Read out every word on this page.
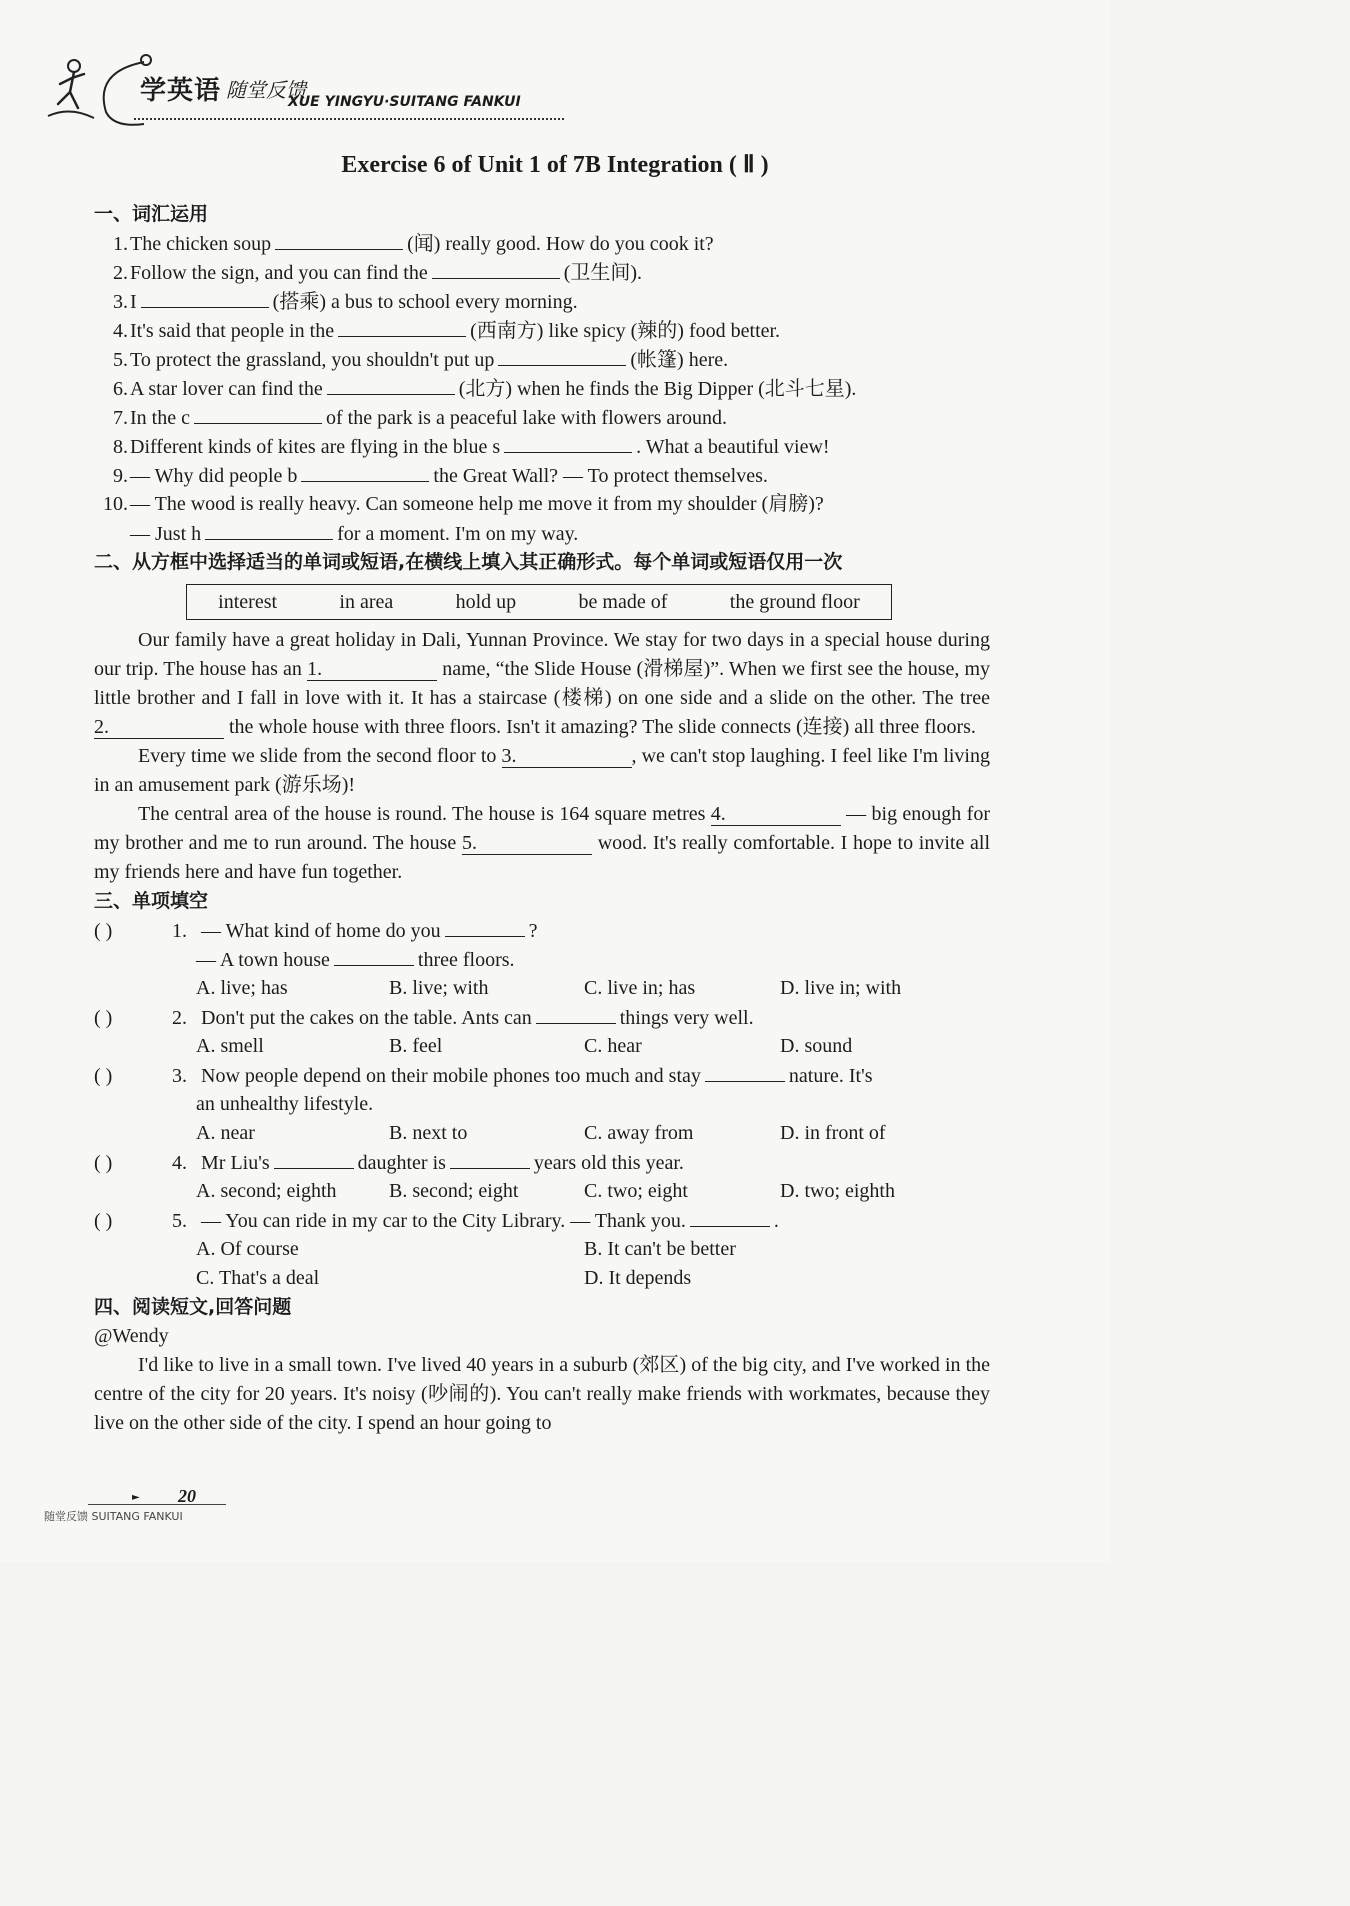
学英语 随堂反馈
XUE YINGYU·SUITANG FANKUI
Exercise 6 of Unit 1 of 7B Integration ( Ⅱ )
一、词汇运用
1. The chicken soup	(闻) really good. How do you cook it?
2. Follow the sign, and you can find the	(卫生间).
3. I	(搭乘) a bus to school every morning.
4. It's said that people in the	(西南方) like spicy (辣的) food better.
5. To protect the grassland, you shouldn't put up	(帐篷) here.
6. A star lover can find the	(北方) when he finds the Big Dipper (北斗七星).
7. In the c	of the park is a peaceful lake with flowers around.
8. Different kinds of kites are flying in the blue s	. What a beautiful view!
9. — Why did people b	the Great Wall? — To protect themselves.
10. — The wood is really heavy. Can someone help me move it from my shoulder (肩膀)?
— Just h	for a moment. I'm on my way.
二、从方框中选择适当的单词或短语,在横线上填入其正确形式。每个单词或短语仅用一次
interest	in area	hold up	be made of	the ground floor
Our family have a great holiday in Dali, Yunnan Province. We stay for two days in a special house during our trip. The house has an 1.	name, “the Slide House (滑梯屋)”. When we first see the house, my little brother and I fall in love with it. It has a staircase (楼梯) on one side and a slide on the other. The tree 2.	the whole house with three floors. Isn't it amazing? The slide connects (连接) all three floors.
Every time we slide from the second floor to 3.	, we can't stop laughing. I feel like I'm living in an amusement park (游乐场)!
The central area of the house is round. The house is 164 square metres 4.	— big enough for my brother and me to run around. The house 5.	wood. It's really comfortable. I hope to invite all my friends here and have fun together.
三、单项填空
( )	1. — What kind of home do you	?
— A town house	three floors.
A. live; has	B. live; with	C. live in; has	D. live in; with
( )	2. Don't put the cakes on the table. Ants can	things very well.
A. smell	B. feel	C. hear	D. sound
( )	3. Now people depend on their mobile phones too much and stay	nature. It's
an unhealthy lifestyle.
A. near	B. next to	C. away from	D. in front of
( )	4. Mr Liu's	daughter is	years old this year.
A. second; eighth	B. second; eight	C. two; eight	D. two; eighth
( )	5. — You can ride in my car to the City Library. — Thank you.	.
A. Of course	B. It can't be better
C. That's a deal	D. It depends
四、阅读短文,回答问题
@Wendy
I'd like to live in a small town. I've lived 40 years in a suburb (郊区) of the big city, and I've worked in the centre of the city for 20 years. It's noisy (吵闹的). You can't really make friends with workmates, because they live on the other side of the city. I spend an hour going to
► 20
随堂反馈 SUITANG FANKUI
